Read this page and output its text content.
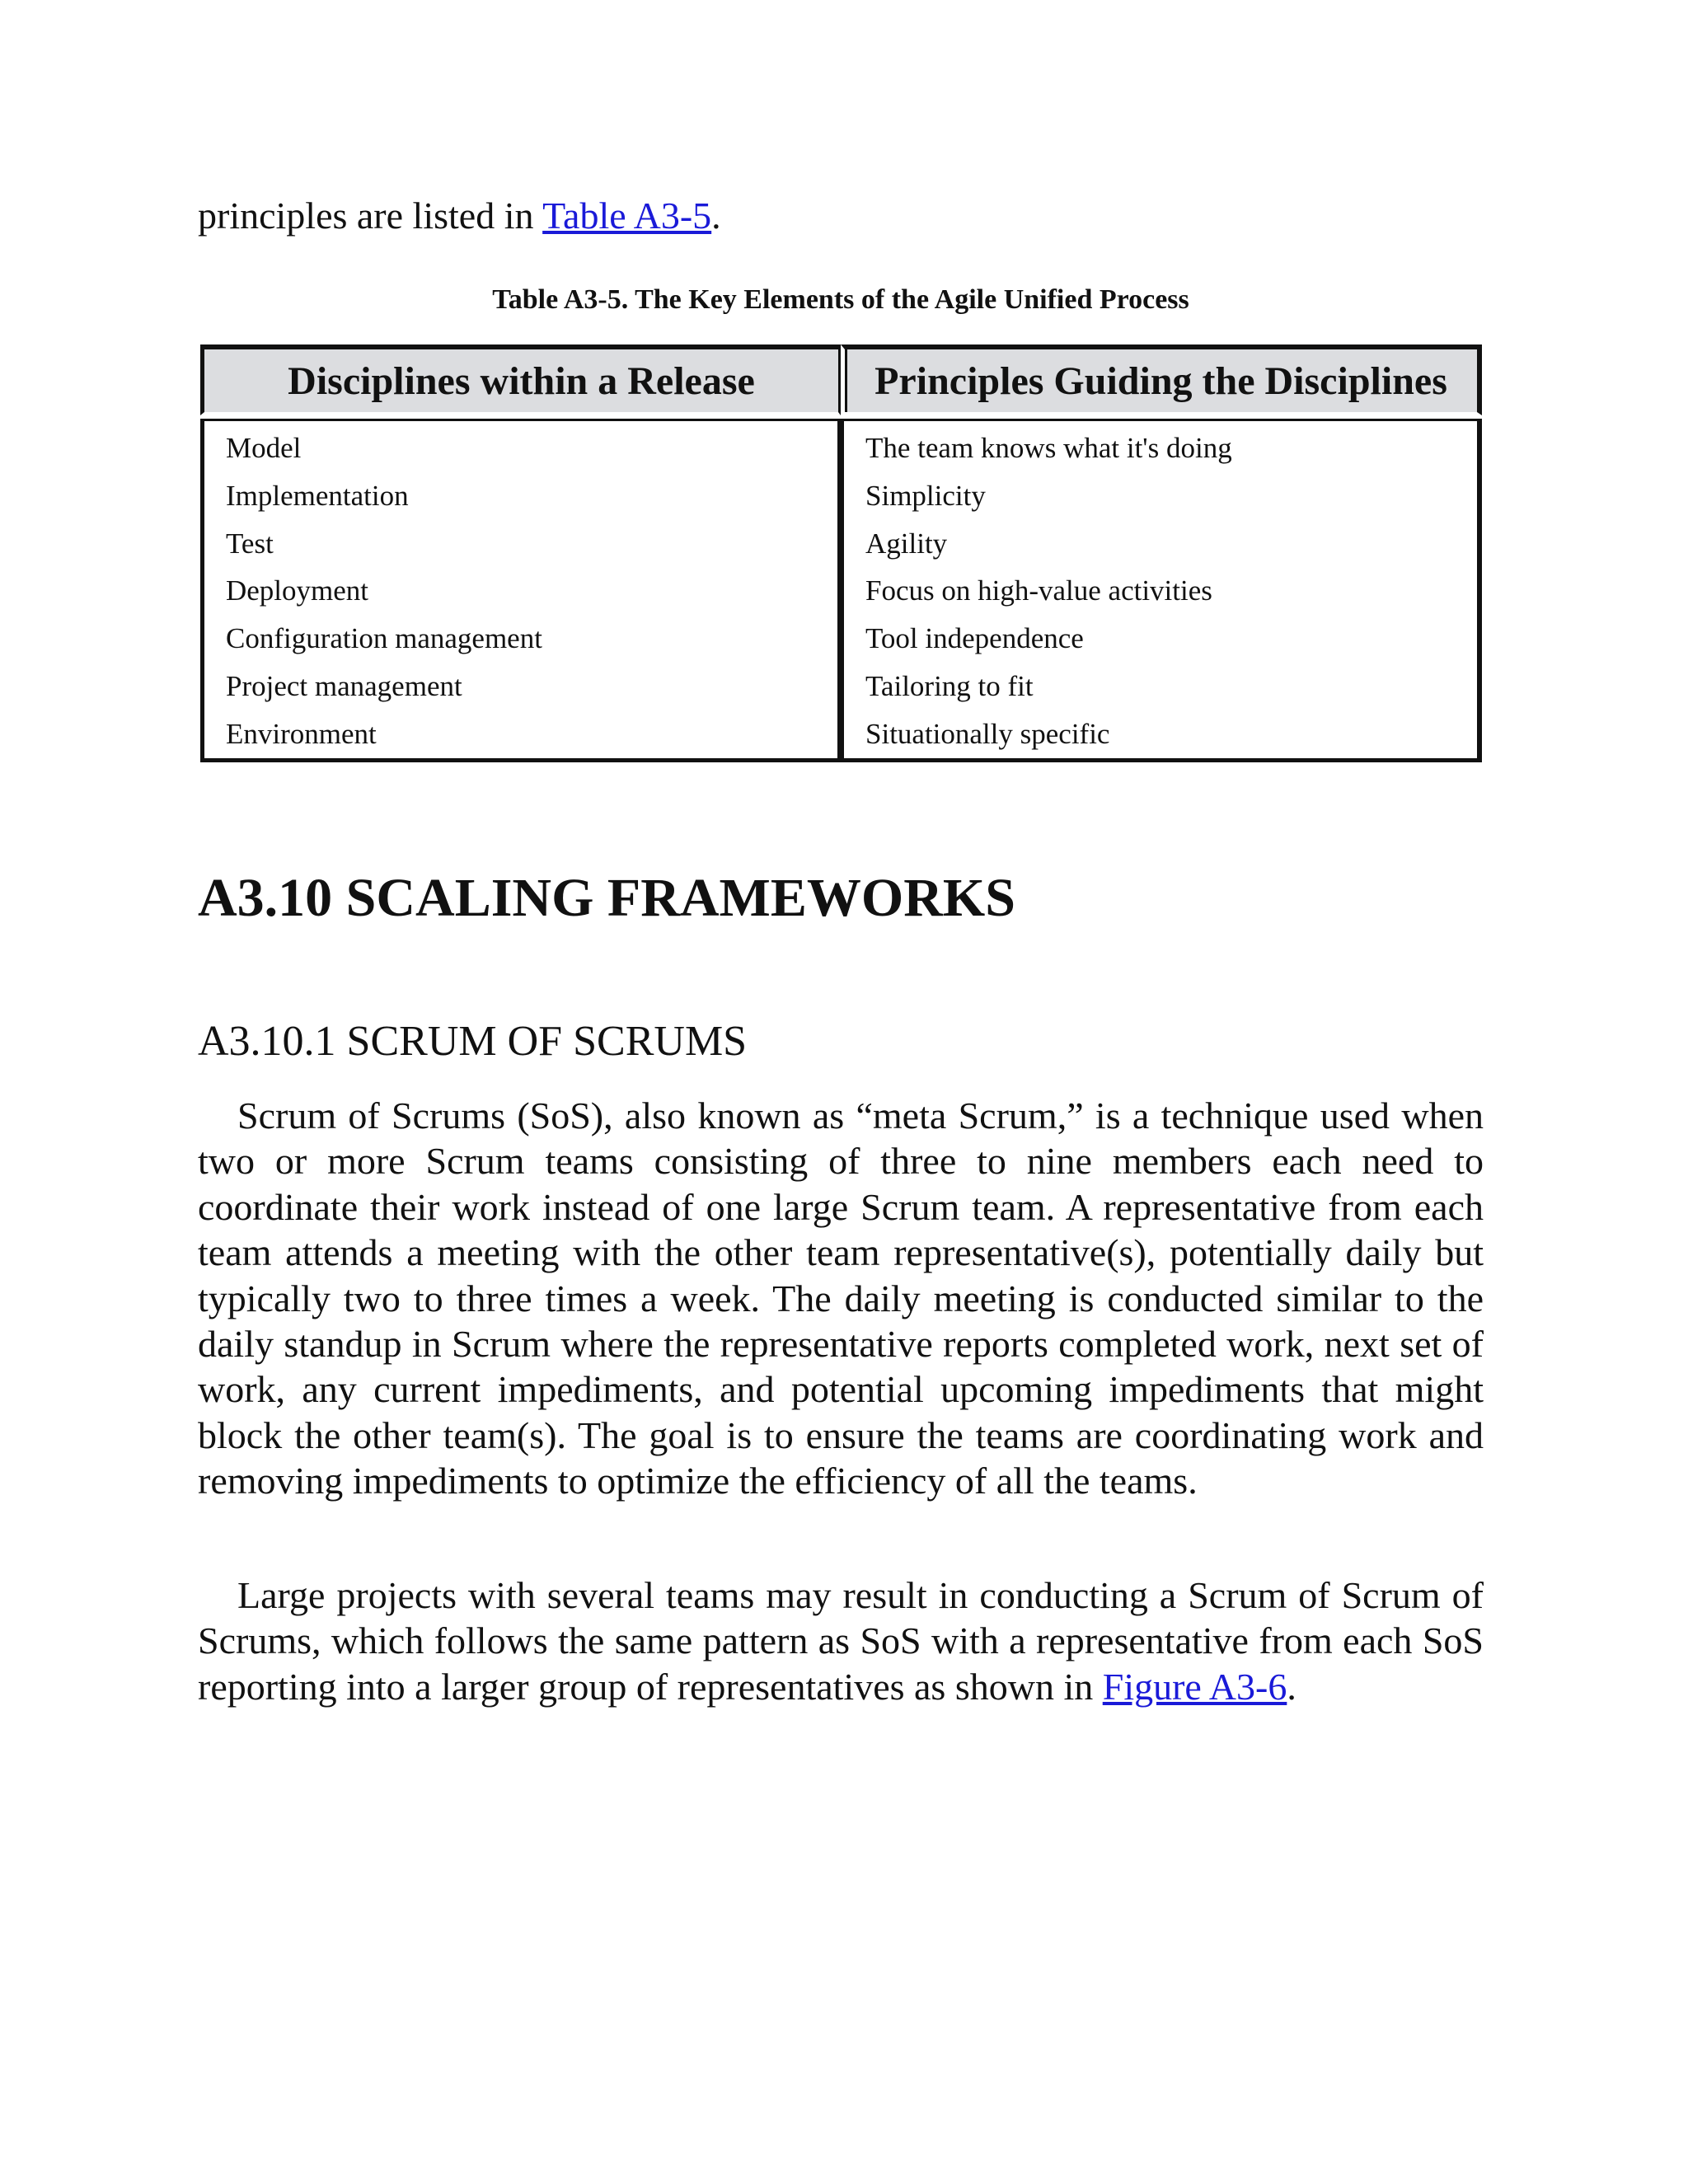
principles are listed in Table A3-5.
Table A3-5. The Key Elements of the Agile Unified Process
Disciplines within a Release	Principles Guiding the Disciplines
Model
Implementation
Test
Deployment
Configuration management
Project management
Environment
The team knows what it's doing
Simplicity
Agility
Focus on high-value activities
Tool independence
Tailoring to fit
Situationally specific
A3.10 SCALING FRAMEWORKS
A3.10.1 SCRUM OF SCRUMS

Scrum of Scrums (SoS), also known as “meta Scrum,” is a technique used when two or more Scrum teams consisting of three to nine members each need to coordinate their work instead of one large Scrum team. A representative from each team attends a meeting with the other team representative(s), potentially daily but typically two to three times a week. The daily meeting is conducted similar to the daily standup in Scrum where the representative reports completed work, next set of work, any current impediments, and potential upcoming impediments that might block the other team(s). The goal is to ensure the teams are coordinating work and removing impediments to optimize the efficiency of all the teams.

Large projects with several teams may result in conducting a Scrum of Scrum of Scrums, which follows the same pattern as SoS with a representative from each SoS reporting into a larger group of representatives as shown in Figure A3-6.
